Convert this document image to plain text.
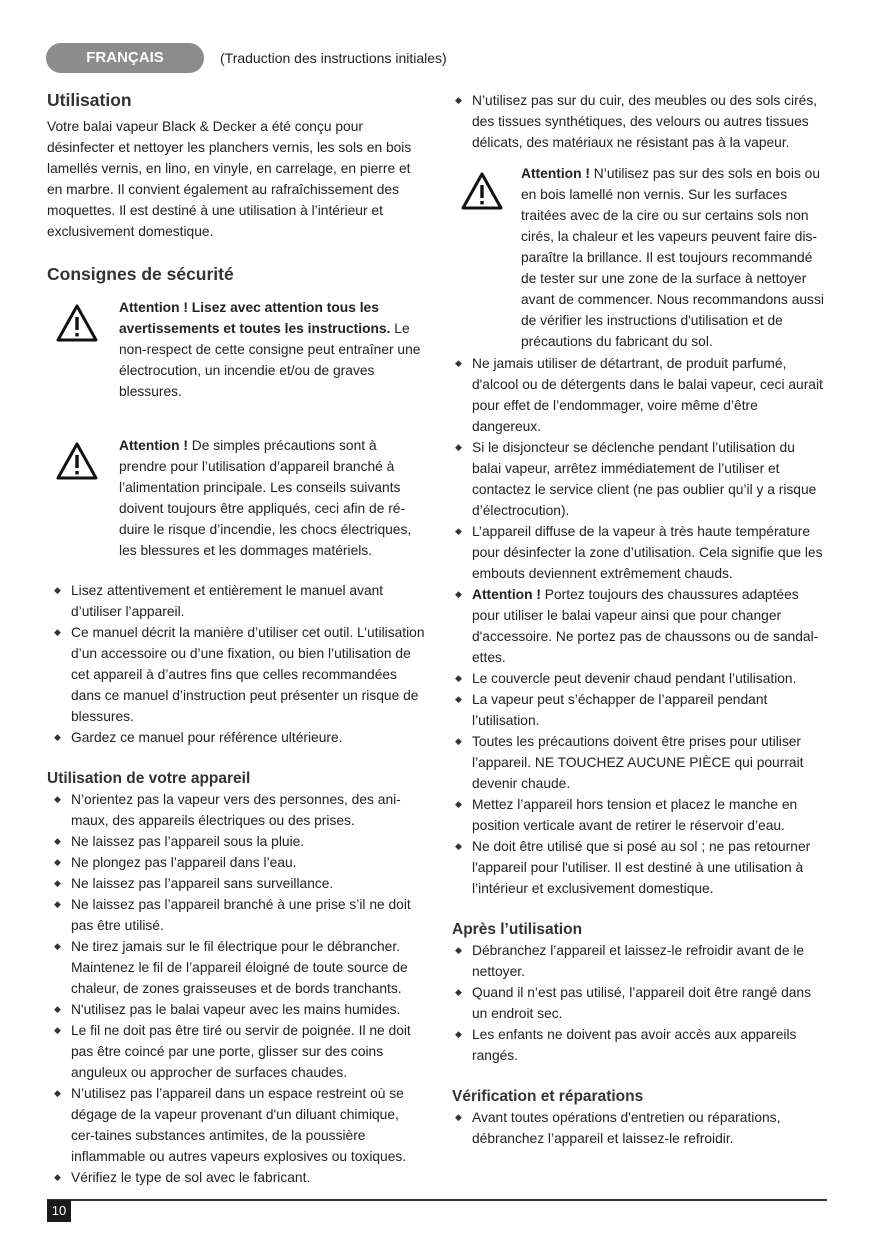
FRANÇAIS	(Traduction des instructions initiales)
Utilisation

Votre balai vapeur Black & Decker a été conçu pour désinfecter et nettoyer les planchers vernis, les sols en bois lamellés vernis, en lino, en vinyle, en carrelage, en pierre et en marbre. Il convient également au rafraîchissement des moquettes. Il est destiné à une utilisation à l’intérieur et exclusivement domestique.

Consignes de sécurité
Attention ! Lisez avec attention tous les avertissements et toutes les instructions. Le non-respect de cette consigne peut entraîner une électrocution, un incendie et/ou de graves blessures.
Attention ! De simples précautions sont à prendre pour l’utilisation d’appareil branché à l’alimentation principale. Les conseils suivants doivent toujours être appliqués, ceci afin de ré-duire le risque d’incendie, les chocs électriques, les blessures et les dommages matériels.
◆ Lisez attentivement et entièrement le manuel avant d’utiliser l’appareil.
◆ Ce manuel décrit la manière d’utiliser cet outil. L’utilisation d’un accessoire ou d’une fixation, ou bien l’utilisation de cet appareil à d’autres fins que celles recommandées dans ce manuel d’instruction peut présenter un risque de blessures.
◆ Gardez ce manuel pour référence ultérieure.
Utilisation de votre appareil
◆ N’orientez pas la vapeur vers des personnes, des ani-maux, des appareils électriques ou des prises.
◆ Ne laissez pas l’appareil sous la pluie.
◆ Ne plongez pas l’appareil dans l’eau.
◆ Ne laissez pas l’appareil sans surveillance.
◆ Ne laissez pas l’appareil branché à une prise s’il ne doit pas être utilisé.
◆ Ne tirez jamais sur le fil électrique pour le débrancher. Maintenez le fil de l’appareil éloigné de toute source de chaleur, de zones graisseuses et de bords tranchants.
◆ N'utilisez pas le balai vapeur avec les mains humides.
◆ Le fil ne doit pas être tiré ou servir de poignée. Il ne doit pas être coincé par une porte, glisser sur des coins anguleux ou approcher de surfaces chaudes.
◆ N’utilisez pas l’appareil dans un espace restreint où se dégage de la vapeur provenant d'un diluant chimique, cer-taines substances antimites, de la poussière inflammable ou autres vapeurs explosives ou toxiques.
◆ Vérifiez le type de sol avec le fabricant.
◆ N’utilisez pas sur du cuir, des meubles ou des sols cirés, des tissues synthétiques, des velours ou autres tissues délicats, des matériaux ne résistant pas à la vapeur.
Attention ! N’utilisez pas sur des sols en bois ou en bois lamellé non vernis. Sur les surfaces traitées avec de la cire ou sur certains sols non cirés, la chaleur et les vapeurs peuvent faire dis-paraître la brillance. Il est toujours recommandé de tester sur une zone de la surface à nettoyer avant de commencer. Nous recommandons aussi de vérifier les instructions d'utilisation et de précautions du fabricant du sol.
◆ Ne jamais utiliser de détartrant, de produit parfumé, d'alcool ou de détergents dans le balai vapeur, ceci aurait pour effet de l’endommager, voire même d’être dangereux.
◆ Si le disjoncteur se déclenche pendant l’utilisation du balai vapeur, arrêtez immédiatement de l’utiliser et contactez le service client (ne pas oublier qu’il y a risque d’électrocution).
◆ L’appareil diffuse de la vapeur à très haute température pour désinfecter la zone d’utilisation. Cela signifie que les embouts deviennent extrêmement chauds.
◆ Attention ! Portez toujours des chaussures adaptées pour utiliser le balai vapeur ainsi que pour changer d'accessoire. Ne portez pas de chaussons ou de sandal-ettes.
◆ Le couvercle peut devenir chaud pendant l’utilisation.
◆ La vapeur peut s’échapper de l’appareil pendant l’utilisation.
◆ Toutes les précautions doivent être prises pour utiliser l’appareil. NE TOUCHEZ AUCUNE PIÈCE qui pourrait devenir chaude.
◆ Mettez l’appareil hors tension et placez le manche en position verticale avant de retirer le réservoir d’eau.
◆ Ne doit être utilisé que si posé au sol ; ne pas retourner l'appareil pour l'utiliser. Il est destiné à une utilisation à l’intérieur et exclusivement domestique.
Après l’utilisation
◆ Débranchez l’appareil et laissez-le refroidir avant de le nettoyer.
◆ Quand il n’est pas utilisé, l’appareil doit être rangé dans un endroit sec.
◆ Les enfants ne doivent pas avoir accès aux appareils rangés.
Vérification et réparations
◆ Avant toutes opérations d'entretien ou réparations, débranchez l’appareil et laissez-le refroidir.
10
